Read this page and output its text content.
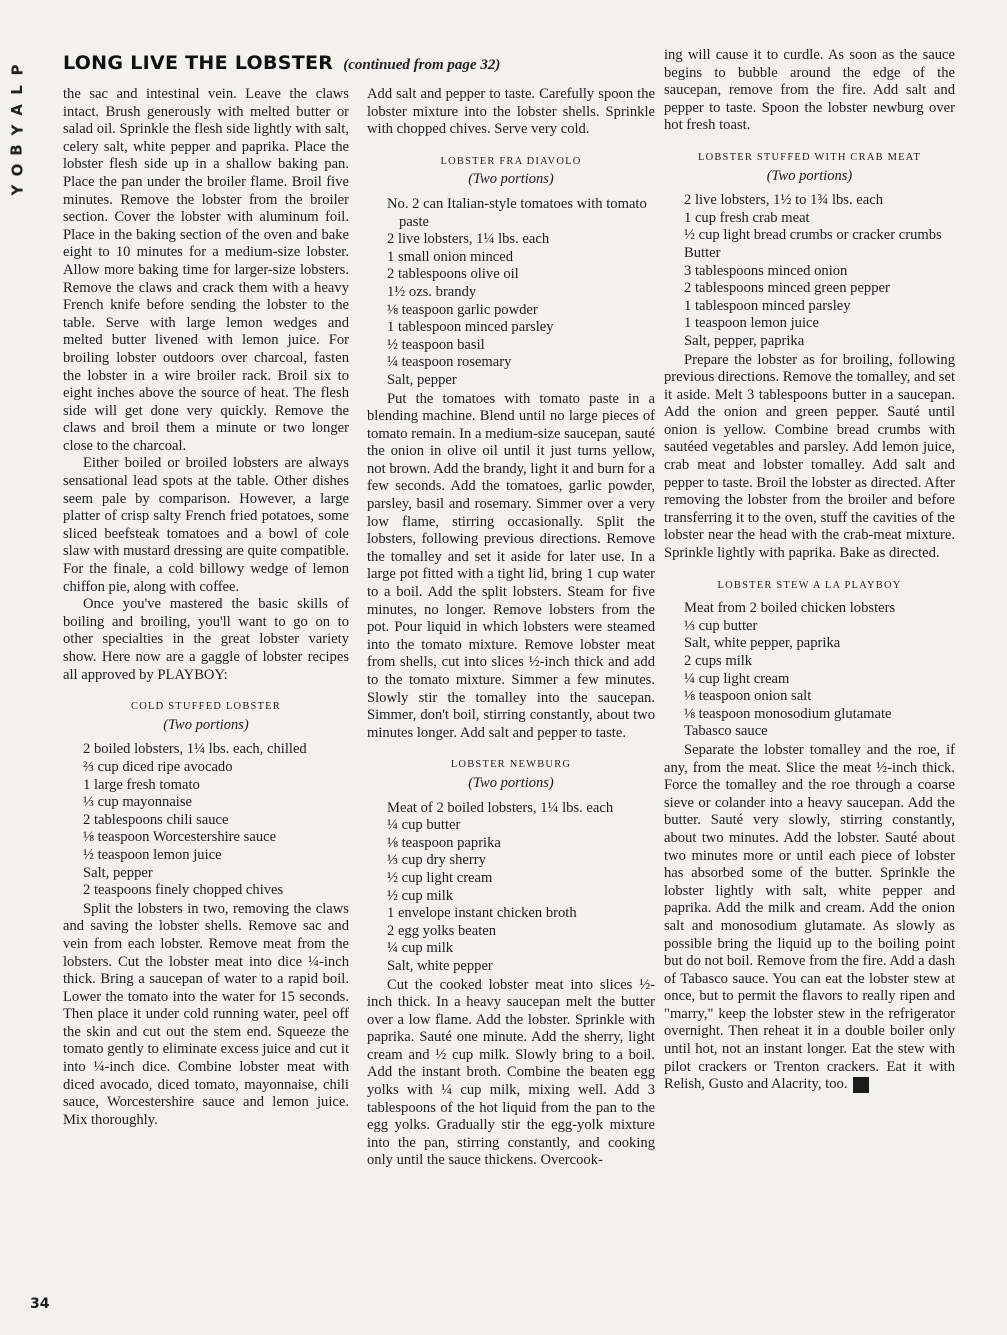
P
L
A
Y
B
O
Y
LONG LIVE THE LOBSTER (continued from page 32)

the sac and intestinal vein. Leave the claws intact. Brush generously with melted butter or salad oil. Sprinkle the flesh side lightly with salt, celery salt, white pepper and paprika. Place the lobster flesh side up in a shallow baking pan. Place the pan under the broiler flame. Broil five minutes. Remove the lobster from the broiler section. Cover the lobster with aluminum foil. Place in the baking section of the oven and bake eight to 10 minutes for a medium-size lobster. Allow more baking time for larger-size lobsters. Remove the claws and crack them with a heavy French knife before sending the lobster to the table. Serve with large lemon wedges and melted butter livened with lemon juice. For broiling lobster outdoors over charcoal, fasten the lobster in a wire broiler rack. Broil six to eight inches above the source of heat. The flesh side will get done very quickly. Remove the claws and broil them a minute or two longer close to the charcoal.

Either boiled or broiled lobsters are always sensational lead spots at the table. Other dishes seem pale by comparison. However, a large platter of crisp salty French fried potatoes, some sliced beefsteak tomatoes and a bowl of cole slaw with mustard dressing are quite compatible. For the finale, a cold billowy wedge of lemon chiffon pie, along with coffee.

Once you've mastered the basic skills of boiling and broiling, you'll want to go on to other specialties in the great lobster variety show. Here now are a gaggle of lobster recipes all approved by PLAYBOY:

COLD STUFFED LOBSTER
(Two portions)
2 boiled lobsters, 1¼ lbs. each, chilled
⅔ cup diced ripe avocado
1 large fresh tomato
⅓ cup mayonnaise
2 tablespoons chili sauce
⅛ teaspoon Worcestershire sauce
½ teaspoon lemon juice
Salt, pepper
2 teaspoons finely chopped chives

Split the lobsters in two, removing the claws and saving the lobster shells. Remove sac and vein from each lobster. Remove meat from the lobsters. Cut the lobster meat into dice ¼-inch thick. Bring a saucepan of water to a rapid boil. Lower the tomato into the water for 15 seconds. Then place it under cold running water, peel off the skin and cut out the stem end. Squeeze the tomato gently to eliminate excess juice and cut it into ¼-inch dice. Combine lobster meat with diced avocado, diced tomato, mayonnaise, chili sauce, Worcestershire sauce and lemon juice. Mix thoroughly.

Add salt and pepper to taste. Carefully spoon the lobster mixture into the lobster shells. Sprinkle with chopped chives. Serve very cold.

LOBSTER FRA DIAVOLO
(Two portions)
No. 2 can Italian-style tomatoes with tomato paste
2 live lobsters, 1¼ lbs. each
1 small onion minced
2 tablespoons olive oil
1½ ozs. brandy
⅛ teaspoon garlic powder
1 tablespoon minced parsley
½ teaspoon basil
¼ teaspoon rosemary
Salt, pepper

Put the tomatoes with tomato paste in a blending machine. Blend until no large pieces of tomato remain. In a medium-size saucepan, sauté the onion in olive oil until it just turns yellow, not brown. Add the brandy, light it and burn for a few seconds. Add the tomatoes, garlic powder, parsley, basil and rosemary. Simmer over a very low flame, stirring occasionally. Split the lobsters, following previous directions. Remove the tomalley and set it aside for later use. In a large pot fitted with a tight lid, bring 1 cup water to a boil. Add the split lobsters. Steam for five minutes, no longer. Remove lobsters from the pot. Pour liquid in which lobsters were steamed into the tomato mixture. Remove lobster meat from shells, cut into slices ½-inch thick and add to the tomato mixture. Simmer a few minutes. Slowly stir the tomalley into the saucepan. Simmer, don't boil, stirring constantly, about two minutes longer. Add salt and pepper to taste.

LOBSTER NEWBURG
(Two portions)
Meat of 2 boiled lobsters, 1¼ lbs. each
¼ cup butter
⅛ teaspoon paprika
⅓ cup dry sherry
½ cup light cream
½ cup milk
1 envelope instant chicken broth
2 egg yolks beaten
¼ cup milk
Salt, white pepper

Cut the cooked lobster meat into slices ½-inch thick. In a heavy saucepan melt the butter over a low flame. Add the lobster. Sprinkle with paprika. Sauté one minute. Add the sherry, light cream and ½ cup milk. Slowly bring to a boil. Add the instant broth. Combine the beaten egg yolks with ¼ cup milk, mixing well. Add 3 tablespoons of the hot liquid from the pan to the egg yolks. Gradually stir the egg-yolk mixture into the pan, stirring constantly, and cooking only until the sauce thickens. Overcook-

ing will cause it to curdle. As soon as the sauce begins to bubble around the edge of the saucepan, remove from the fire. Add salt and pepper to taste. Spoon the lobster newburg over hot fresh toast.

LOBSTER STUFFED WITH CRAB MEAT
(Two portions)
2 live lobsters, 1½ to 1¾ lbs. each
1 cup fresh crab meat
½ cup light bread crumbs or cracker crumbs
Butter
3 tablespoons minced onion
2 tablespoons minced green pepper
1 tablespoon minced parsley
1 teaspoon lemon juice
Salt, pepper, paprika

Prepare the lobster as for broiling, following previous directions. Remove the tomalley, and set it aside. Melt 3 tablespoons butter in a saucepan. Add the onion and green pepper. Sauté until onion is yellow. Combine bread crumbs with sautéed vegetables and parsley. Add lemon juice, crab meat and lobster tomalley. Add salt and pepper to taste. Broil the lobster as directed. After removing the lobster from the broiler and before transferring it to the oven, stuff the cavities of the lobster near the head with the crab-meat mixture. Sprinkle lightly with paprika. Bake as directed.

LOBSTER STEW A LA PLAYBOY
Meat from 2 boiled chicken lobsters
⅓ cup butter
Salt, white pepper, paprika
2 cups milk
¼ cup light cream
⅛ teaspoon onion salt
⅛ teaspoon monosodium glutamate
Tabasco sauce

Separate the lobster tomalley and the roe, if any, from the meat. Slice the meat ½-inch thick. Force the tomalley and the roe through a coarse sieve or colander into a heavy saucepan. Add the butter. Sauté very slowly, stirring constantly, about two minutes. Add the lobster. Sauté about two minutes more or until each piece of lobster has absorbed some of the butter. Sprinkle the lobster lightly with salt, white pepper and paprika. Add the milk and cream. Add the onion salt and monosodium glutamate. As slowly as possible bring the liquid up to the boiling point but do not boil. Remove from the fire. Add a dash of Tabasco sauce. You can eat the lobster stew at once, but to permit the flavors to really ripen and "marry," keep the lobster stew in the refrigerator overnight. Then reheat it in a double boiler only until hot, not an instant longer. Eat the stew with pilot crackers or Trenton crackers. Eat it with Relish, Gusto and Alacrity, too. ■

34
